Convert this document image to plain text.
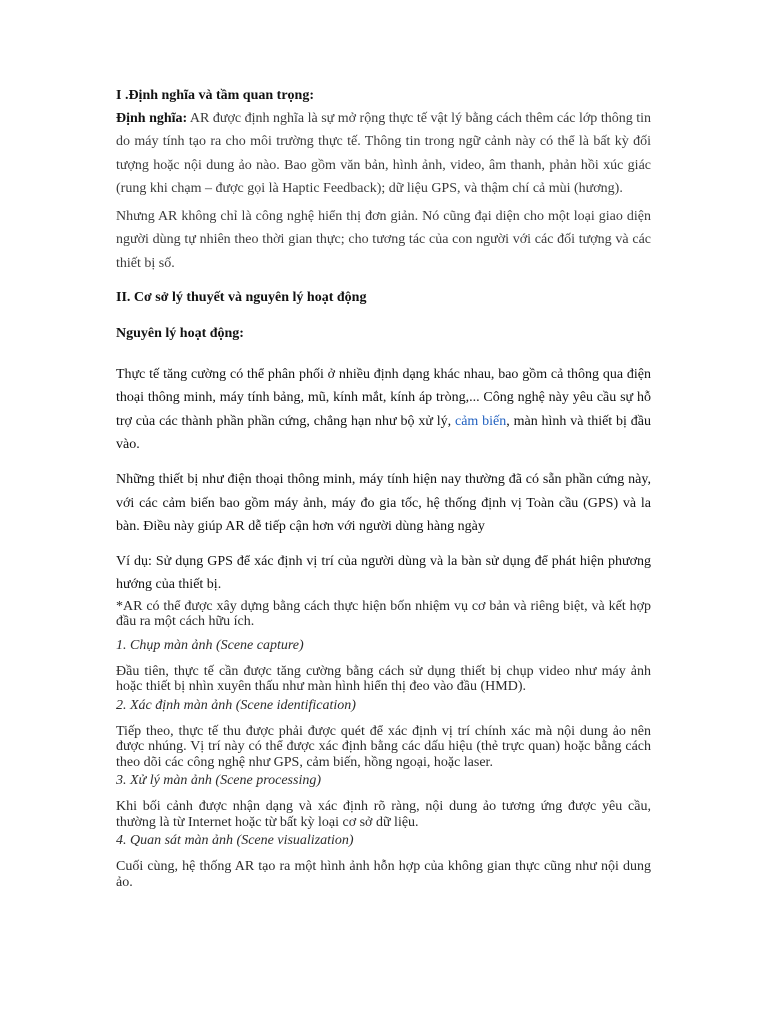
I .Định nghĩa và tầm quan trọng:

Định nghĩa: AR được định nghĩa là sự mở rộng thực tế vật lý bằng cách thêm các lớp thông tin do máy tính tạo ra cho môi trường thực tế. Thông tin trong ngữ cảnh này có thể là bất kỳ đối tượng hoặc nội dung ảo nào. Bao gồm văn bản, hình ảnh, video, âm thanh, phản hồi xúc giác (rung khi chạm – được gọi là Haptic Feedback); dữ liệu GPS, và thậm chí cả mùi (hương).

Nhưng AR không chỉ là công nghệ hiển thị đơn giản. Nó cũng đại diện cho một loại giao diện người dùng tự nhiên theo thời gian thực; cho tương tác của con người với các đối tượng và các thiết bị số.

II. Cơ sở lý thuyết và nguyên lý hoạt động

Nguyên lý hoạt động:

Thực tế tăng cường có thể phân phối ở nhiều định dạng khác nhau, bao gồm cả thông qua điện thoại thông minh, máy tính bảng, mũ, kính mắt, kính áp tròng,... Công nghệ này yêu cầu sự hỗ trợ của các thành phần phần cứng, chẳng hạn như bộ xử lý, cảm biến, màn hình và thiết bị đầu vào.

Những thiết bị như điện thoại thông minh, máy tính hiện nay thường đã có sẵn phần cứng này, với các cảm biến bao gồm máy ảnh, máy đo gia tốc, hệ thống định vị Toàn cầu (GPS) và la bàn. Điều này giúp AR dễ tiếp cận hơn với người dùng hàng ngày

Ví dụ: Sử dụng GPS để xác định vị trí của người dùng và la bàn sử dụng để phát hiện phương hướng của thiết bị.

*AR có thể được xây dựng bằng cách thực hiện bốn nhiệm vụ cơ bản và riêng biệt, và kết hợp đầu ra một cách hữu ích.

1. Chụp màn ảnh (Scene capture)

Đầu tiên, thực tế cần được tăng cường bằng cách sử dụng thiết bị chụp video như máy ảnh hoặc thiết bị nhìn xuyên thấu như màn hình hiển thị đeo vào đầu (HMD).

2. Xác định màn ảnh (Scene identification)

Tiếp theo, thực tế thu được phải được quét để xác định vị trí chính xác mà nội dung ảo nên được nhúng. Vị trí này có thể được xác định bằng các dấu hiệu (thẻ trực quan) hoặc bằng cách theo dõi các công nghệ như GPS, cảm biến, hồng ngoại, hoặc laser.

3. Xử lý màn ảnh (Scene processing)

Khi bối cảnh được nhận dạng và xác định rõ ràng, nội dung ảo tương ứng được yêu cầu, thường là từ Internet hoặc từ bất kỳ loại cơ sở dữ liệu.

4. Quan sát màn ảnh (Scene visualization)

Cuối cùng, hệ thống AR tạo ra một hình ảnh hỗn hợp của không gian thực cũng như nội dung ảo.
